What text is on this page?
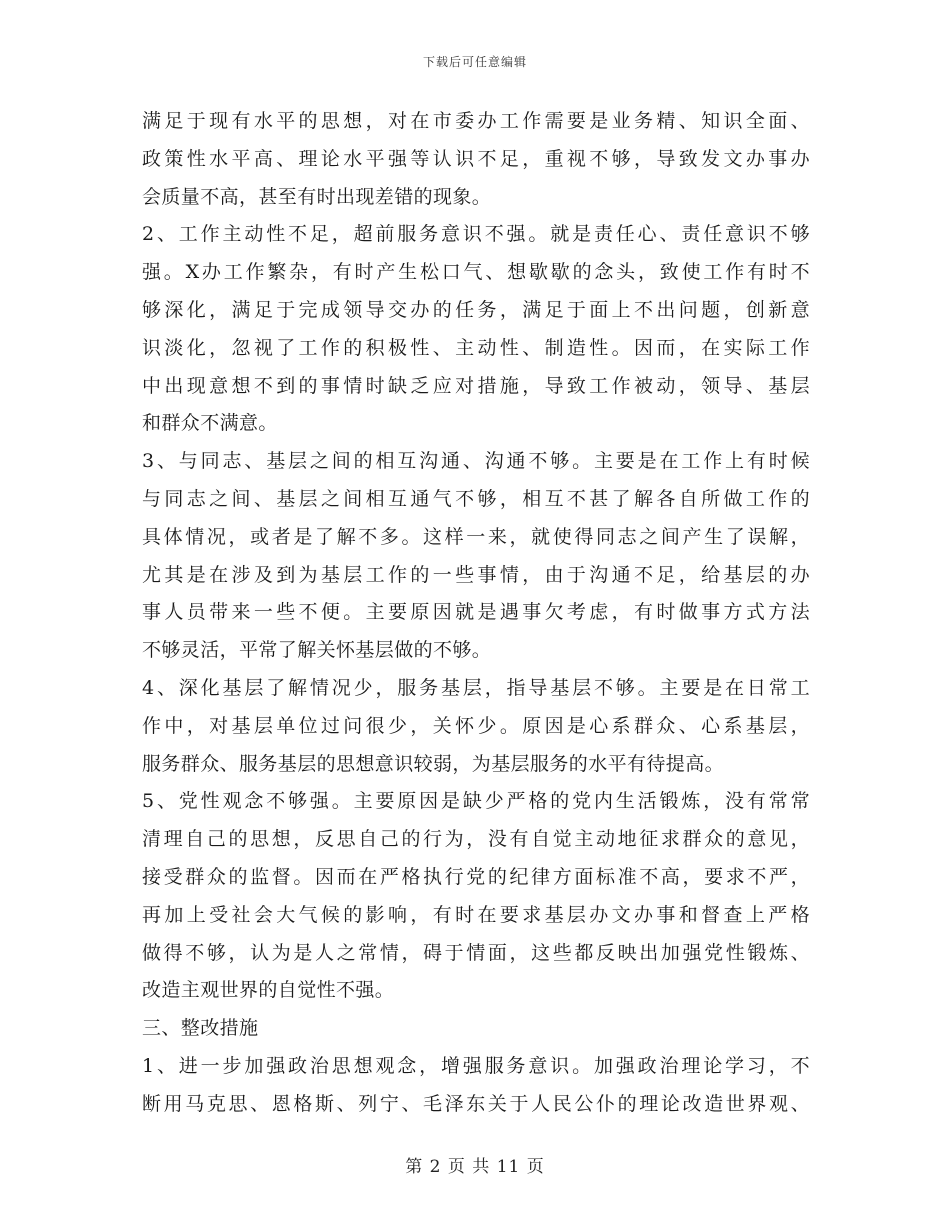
下载后可任意编辑
满足于现有水平的思想，对在市委办工作需要是业务精、知识全面、
政策性水平高、理论水平强等认识不足，重视不够，导致发文办事办
会质量不高，甚至有时出现差错的现象。
2、工作主动性不足，超前服务意识不强。就是责任心、责任意识不够
强。X办工作繁杂，有时产生松口气、想歇歇的念头，致使工作有时不
够深化，满足于完成领导交办的任务，满足于面上不出问题，创新意
识淡化，忽视了工作的积极性、主动性、制造性。因而，在实际工作
中出现意想不到的事情时缺乏应对措施，导致工作被动，领导、基层
和群众不满意。
3、与同志、基层之间的相互沟通、沟通不够。主要是在工作上有时候
与同志之间、基层之间相互通气不够，相互不甚了解各自所做工作的
具体情况，或者是了解不多。这样一来，就使得同志之间产生了误解，
尤其是在涉及到为基层工作的一些事情，由于沟通不足，给基层的办
事人员带来一些不便。主要原因就是遇事欠考虑，有时做事方式方法
不够灵活，平常了解关怀基层做的不够。
4、深化基层了解情况少，服务基层，指导基层不够。主要是在日常工
作中，对基层单位过问很少，关怀少。原因是心系群众、心系基层，
服务群众、服务基层的思想意识较弱，为基层服务的水平有待提高。
5、党性观念不够强。主要原因是缺少严格的党内生活锻炼，没有常常
清理自己的思想，反思自己的行为，没有自觉主动地征求群众的意见，
接受群众的监督。因而在严格执行党的纪律方面标准不高，要求不严，
再加上受社会大气候的影响，有时在要求基层办文办事和督查上严格
做得不够，认为是人之常情，碍于情面，这些都反映出加强党性锻炼、
改造主观世界的自觉性不强。
三、整改措施
1、进一步加强政治思想观念，增强服务意识。加强政治理论学习，不
断用马克思、恩格斯、列宁、毛泽东关于人民公仆的理论改造世界观、
第 2 页 共 11 页
